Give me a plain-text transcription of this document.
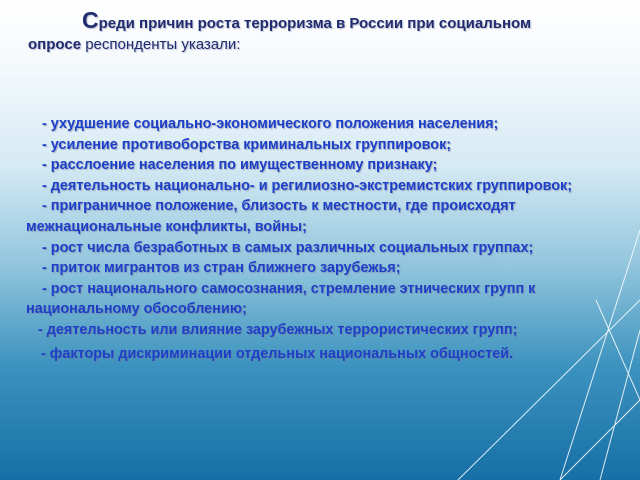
Среди причин роста терроризма в России при социальном
опросе респонденты указали:
- ухудшение социально-экономического положения населения;
- усиление противоборства криминальных группировок;
- расслоение населения по имущественному признаку;
- деятельность национально- и регилиозно-экстремистских группировок;
- приграничное положение, близость к местности, где происходят межнациональные конфликты, войны;
- рост числа безработных в самых различных социальных группах;
- приток мигрантов из стран ближнего зарубежья;
- рост национального самосознания, стремление этнических групп к национальному обособлению;
- деятельность или влияние зарубежных террористических групп;
- факторы дискриминации отдельных национальных общностей.
